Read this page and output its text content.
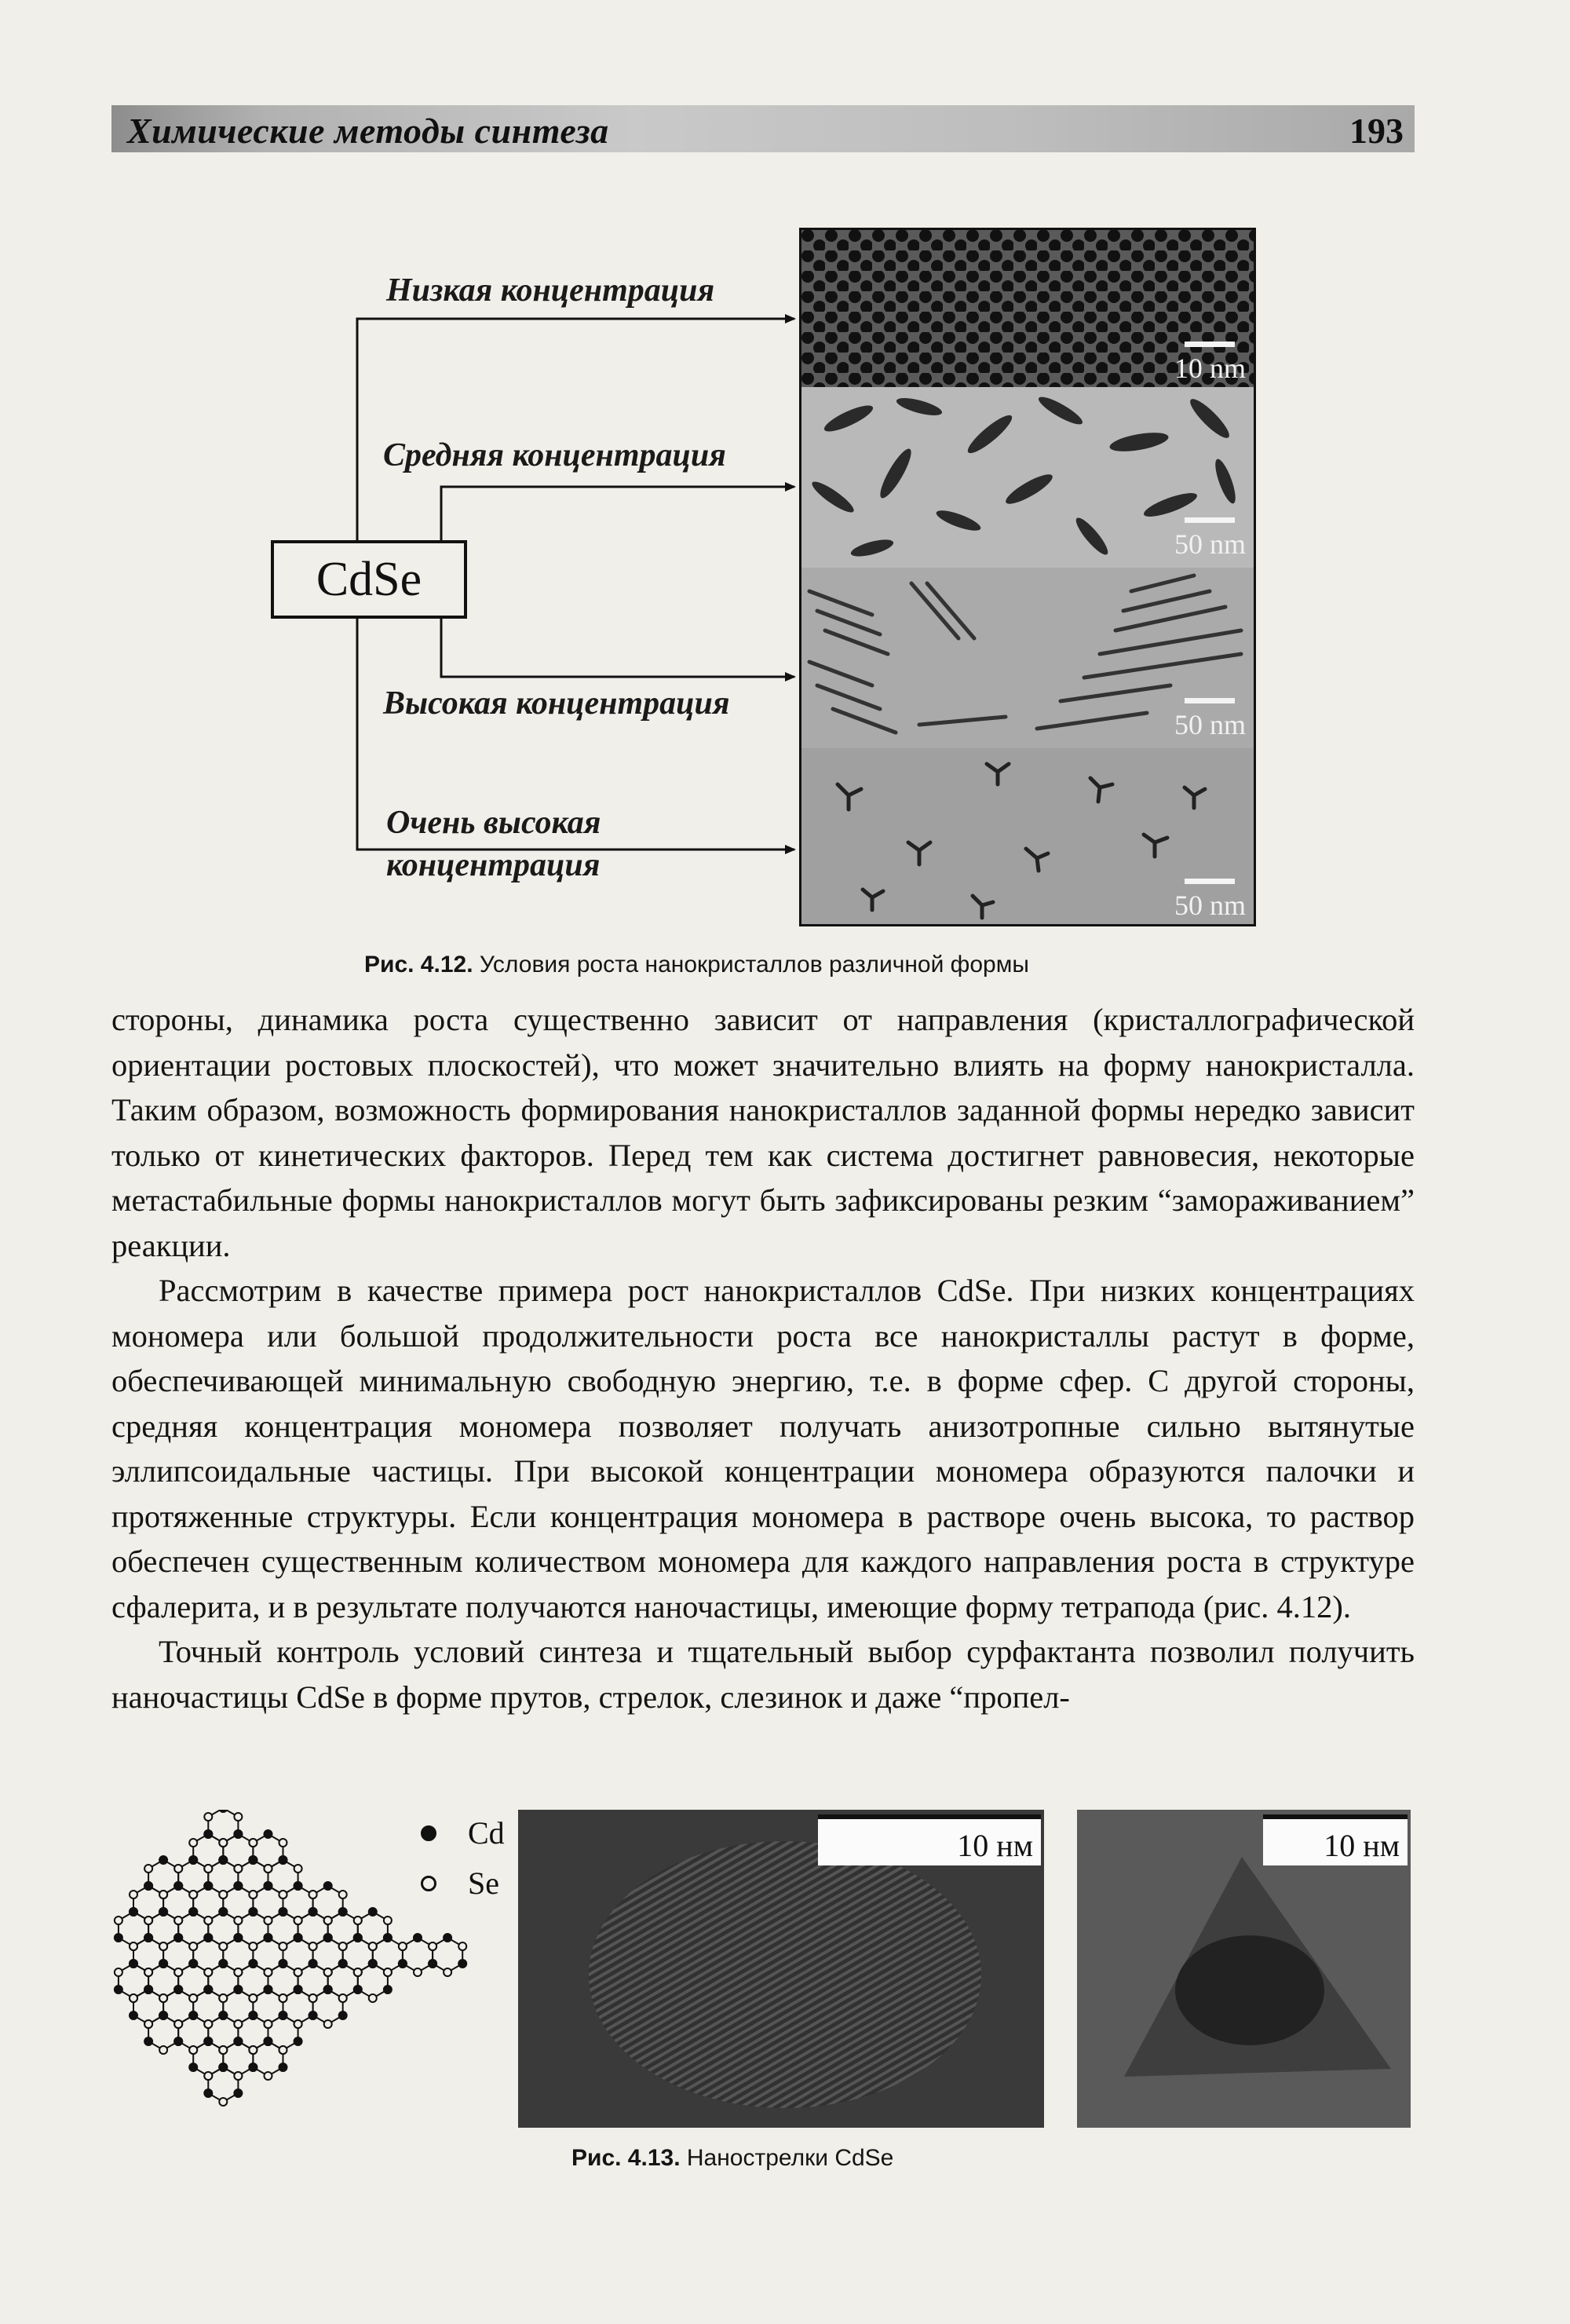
Химические методы синтеза	193
Низкая концентрация
Средняя концентрация
Высокая концентрация
Очень высокая
концентрация
CdSe
10 nm
50 nm
50 nm
50 nm
Рис. 4.12. Условия роста нанокристаллов различной формы

стороны, динамика роста существенно зависит от направления (кристаллографической ориентации ростовых плоскостей), что может значительно влиять на форму нанокристалла. Таким образом, возможность формирования нанокристаллов заданной формы нередко зависит только от кинетических факторов. Перед тем как система достигнет равновесия, некоторые метастабильные формы нанокристаллов могут быть зафиксированы резким “замораживанием” реакции.

Рассмотрим в качестве примера рост нанокристаллов CdSe. При низких концентрациях мономера или большой продолжительности роста все нанокристаллы растут в форме, обеспечивающей минимальную свободную энергию, т.е. в форме сфер. С другой стороны, средняя концентрация мономера позволяет получать анизотропные сильно вытянутые эллипсоидальные частицы. При высокой концентрации мономера образуются палочки и протяженные структуры. Если концентрация мономера в растворе очень высока, то раствор обеспечен существенным количеством мономера для каждого направления роста в структуре сфалерита, и в результате получаются наночастицы, имеющие форму тетрапода (рис. 4.12).

Точный контроль условий синтеза и тщательный выбор сурфактанта позволил получить наночастицы CdSe в форме прутов, стрелок, слезинок и даже “пропел-

Cd
Se
10 нм	10 нм
Рис. 4.13. Нанострелки CdSe
